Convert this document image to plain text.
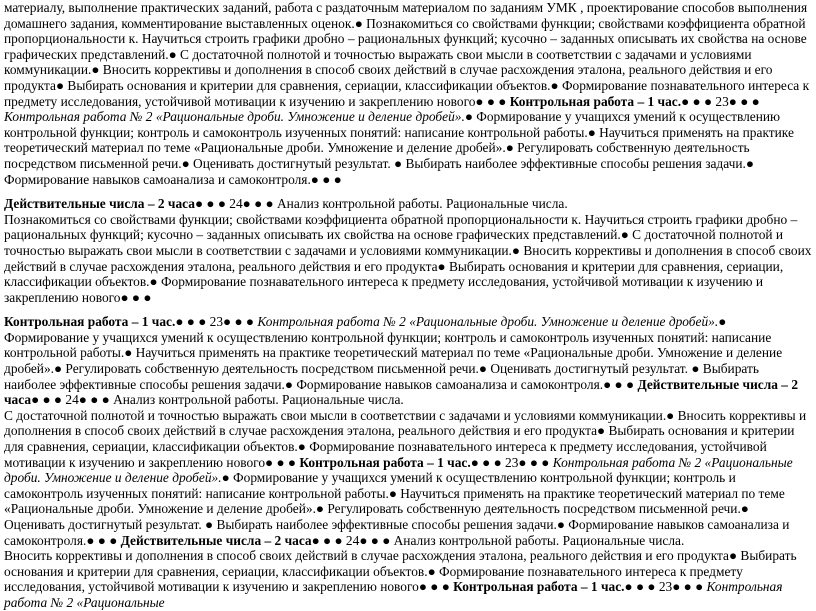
материалу, выполнение практических заданий, работа с раздаточным материалом по заданиям УМК , проектирование способов выполнения домашнего задания, комментирование выставленных оценок.● Познакомиться со свойствами функции; свойствами коэффициента обратной пропорциональности к. Научиться строить графики дробно – рациональных функций; кусочно – заданных описывать их свойства на основе графических представлений.● С достаточной полнотой и точностью выражать свои мысли в соответствии с задачами и условиями коммуникации.● Вносить коррективы и дополнения в способ своих действий в случае расхождения эталона, реального действия и его продукта● Выбирать основания и критерии для сравнения, сериации, классификации объектов.● Формирование познавательного интереса к предмету исследования, устойчивой мотивации к изучению и закреплению нового● ● ● Контрольная работа – 1 час.● ● ● 23● ● ● Контрольная работа № 2 «Рациональные дроби. Умножение и деление дробей».● Формирование у учащихся умений к осуществлению контрольной функции; контроль и самоконтроль изученных понятий: написание контрольной работы.● Научиться применять на практике теоретический материал по теме «Рациональные дроби. Умножение и деление дробей».● Регулировать собственную деятельность посредством письменной речи.● Оценивать достигнутый результат. ● Выбирать наиболее эффективные способы решения задачи.● Формирование навыков самоанализа и самоконтроля.● ● ●

Действительные числа – 2 часа● ● ● 24● ● ● Анализ контрольной работы. Рациональные числа.

Познакомиться со свойствами функции; свойствами коэффициента обратной пропорциональности к. Научиться строить графики дробно – рациональных функций; кусочно – заданных описывать их свойства на основе графических представлений.● С достаточной полнотой и точностью выражать свои мысли в соответствии с задачами и условиями коммуникации.● Вносить коррективы и дополнения в способ своих действий в случае расхождения эталона, реального действия и его продукта● Выбирать основания и критерии для сравнения, сериации, классификации объектов.● Формирование познавательного интереса к предмету исследования, устойчивой мотивации к изучению и закреплению нового● ● ●

Контрольная работа – 1 час.● ● ● 23● ● ● Контрольная работа № 2 «Рациональные дроби. Умножение и деление дробей».● Формирование у учащихся умений к осуществлению контрольной функции; контроль и самоконтроль изученных понятий: написание контрольной работы.● Научиться применять на практике теоретический материал по теме «Рациональные дроби. Умножение и деление дробей».● Регулировать собственную деятельность посредством письменной речи.● Оценивать достигнутый результат. ● Выбирать наиболее эффективные способы решения задачи.● Формирование навыков самоанализа и самоконтроля.● ● ● Действительные числа – 2 часа● ● ● 24● ● ● Анализ контрольной работы. Рациональные числа.

С достаточной полнотой и точностью выражать свои мысли в соответствии с задачами и условиями коммуникации.● Вносить коррективы и дополнения в способ своих действий в случае расхождения эталона, реального действия и его продукта● Выбирать основания и критерии для сравнения, сериации, классификации объектов.● Формирование познавательного интереса к предмету исследования, устойчивой мотивации к изучению и закреплению нового● ● ● Контрольная работа – 1 час.● ● ● 23● ● ● Контрольная работа № 2 «Рациональные дроби. Умножение и деление дробей».● Формирование у учащихся умений к осуществлению контрольной функции; контроль и самоконтроль изученных понятий: написание контрольной работы.● Научиться применять на практике теоретический материал по теме «Рациональные дроби. Умножение и деление дробей».● Регулировать собственную деятельность посредством письменной речи.● Оценивать достигнутый результат. ● Выбирать наиболее эффективные способы решения задачи.● Формирование навыков самоанализа и самоконтроля.● ● ● Действительные числа – 2 часа● ● ● 24● ● ● Анализ контрольной работы. Рациональные числа.

Вносить коррективы и дополнения в способ своих действий в случае расхождения эталона, реального действия и его продукта● Выбирать основания и критерии для сравнения, сериации, классификации объектов.● Формирование познавательного интереса к предмету исследования, устойчивой мотивации к изучению и закреплению нового● ● ● Контрольная работа – 1 час.● ● ● 23● ● ● Контрольная работа № 2 «Рациональные
